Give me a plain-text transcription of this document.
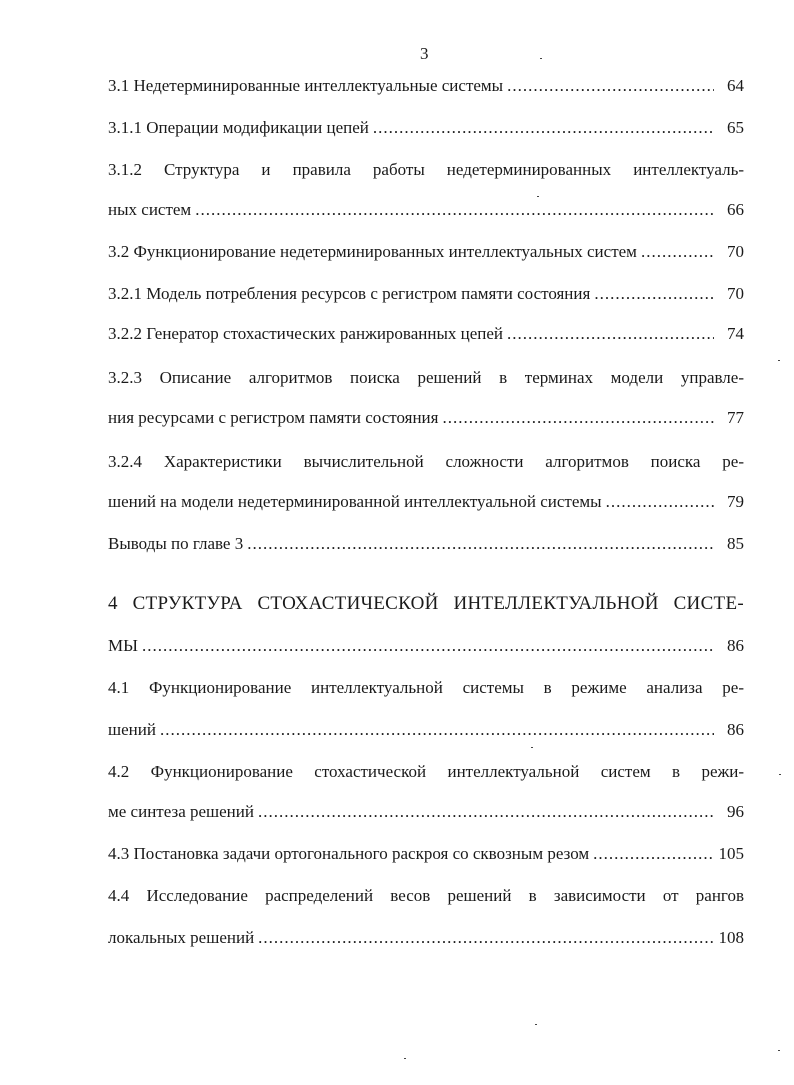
3
3.1 Недетерминированные интеллектуальные системы .....	64
3.1.1 Операции модификации цепей .....	65
3.1.2 Структура и правила работы недетерминированных интеллектуаль-
ных систем .....	66
3.2 Функционирование недетерминированных интеллектуальных систем .....	70
3.2.1 Модель потребления ресурсов с регистром памяти состояния .....	70
3.2.2 Генератор стохастических ранжированных цепей .....	74
3.2.3 Описание алгоритмов поиска решений в терминах модели управле-
ния ресурсами с регистром памяти состояния .....	77
3.2.4 Характеристики вычислительной сложности алгоритмов поиска ре-
шений на модели недетерминированной интеллектуальной системы .....	79
Выводы по главе 3 .....	85
4 СТРУКТУРА СТОХАСТИЧЕСКОЙ ИНТЕЛЛЕКТУАЛЬНОЙ СИСТЕ-
МЫ .....	86
4.1 Функционирование интеллектуальной системы в режиме анализа ре-
шений .....	86
4.2 Функционирование стохастической интеллектуальной систем в режи-
ме синтеза решений .....	96
4.3 Постановка задачи ортогонального раскроя со сквозным резом .....	105
4.4 Исследование распределений весов решений в зависимости от рангов
локальных решений .....	108
